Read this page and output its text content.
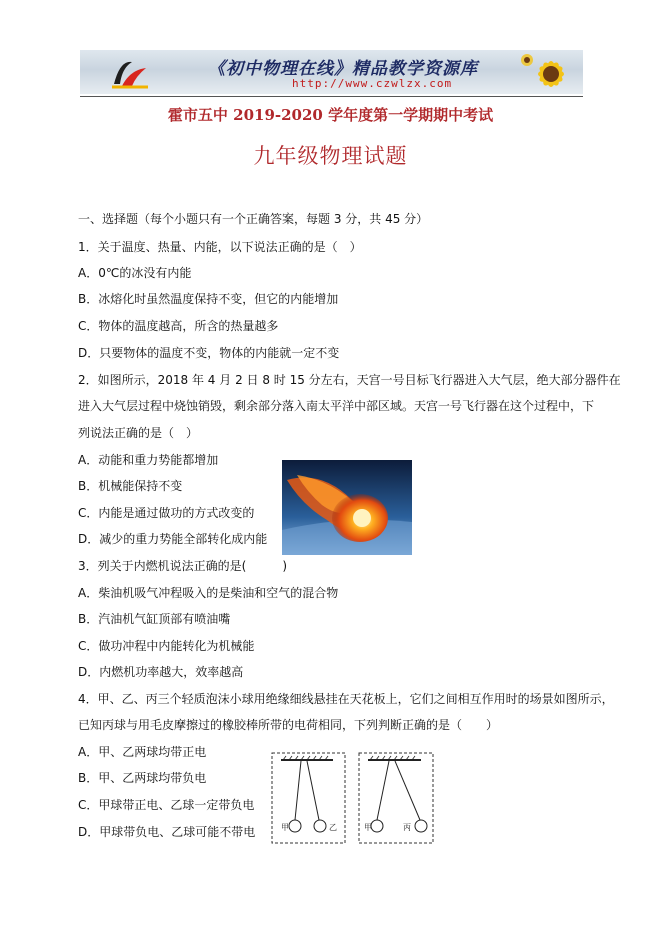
《初中物理在线》精品教学资源库
http://www.czwlzx.com
霍市五中 2019-2020 学年度第一学期期中考试
九年级物理试题
一、选择题（每个小题只有一个正确答案，每题 3 分，共 45 分）
1．关于温度、热量、内能，以下说法正确的是（　）
A．0℃的冰没有内能
B．冰熔化时虽然温度保持不变，但它的内能增加
C．物体的温度越高，所含的热量越多
D．只要物体的温度不变，物体的内能就一定不变
2．如图所示，2018 年 4 月 2 日 8 时 15 分左右，天宫一号目标飞行器进入大气层，绝大部分器件在
进入大气层过程中烧蚀销毁，剩余部分落入南太平洋中部区域。天宫一号飞行器在这个过程中，下
列说法正确的是（　）
A．动能和重力势能都增加
B．机械能保持不变
C．内能是通过做功的方式改变的
D．减少的重力势能全部转化成内能
3．列关于内燃机说法正确的是(　　　)
A．柴油机吸气冲程吸入的是柴油和空气的混合物
B．汽油机气缸顶部有喷油嘴
C．做功冲程中内能转化为机械能
D．内燃机功率越大，效率越高
4．甲、乙、丙三个轻质泡沫小球用绝缘细线悬挂在天花板上，它们之间相互作用时的场景如图所示，
已知丙球与用毛皮摩擦过的橡胶棒所带的电荷相同，下列判断正确的是（　　）
A．甲、乙两球均带正电
B．甲、乙两球均带负电
C．甲球带正电、乙球一定带负电
D．甲球带负电、乙球可能不带电	甲	乙	甲	丙
